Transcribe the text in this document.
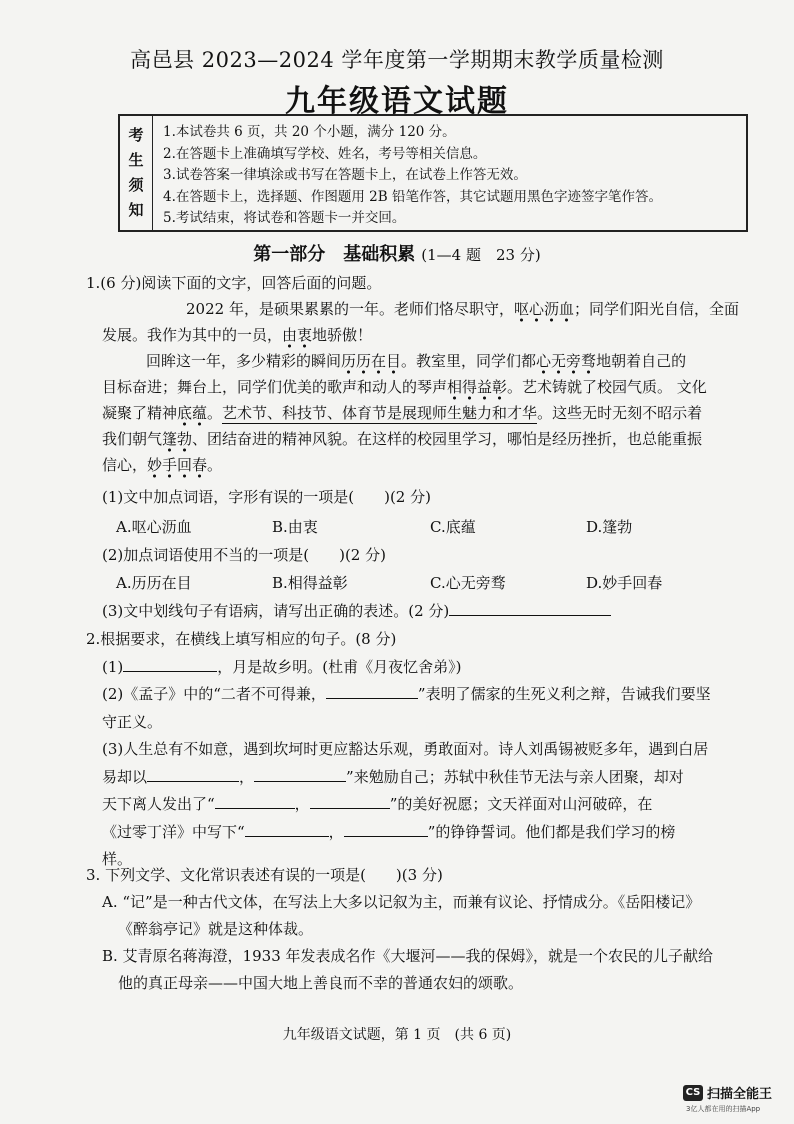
高邑县 2023—2024 学年度第一学期期末教学质量检测
九年级语文试题
考
生
须
知
1.本试卷共 6 页，共 20 个小题，满分 120 分。
2.在答题卡上准确填写学校、姓名，考号等相关信息。
3.试卷答案一律填涂或书写在答题卡上，在试卷上作答无效。
4.在答题卡上，选择题、作图题用 2B 铅笔作答，其它试题用黑色字迹签字笔作答。
5.考试结束，将试卷和答题卡一并交回。
第一部分　基础积累 (1—4 题　23 分)
1.(6 分)阅读下面的文字，回答后面的问题。
2022 年，是硕果累累的一年。老师们恪尽职守，呕心沥血；同学们阳光自信，全面
发展。我作为其中的一员，由衷地骄傲！
回眸这一年，多少精彩的瞬间历历在目。教室里，同学们都心无旁骛地朝着自己的
目标奋进；舞台上，同学们优美的歌声和动人的琴声相得益彰。艺术铸就了校园气质。 文化
凝聚了精神底蕴。艺术节、科技节、体育节是展现师生魅力和才华。这些无时无刻不昭示着
我们朝气篷勃、团结奋进的精神风貌。在这样的校园里学习，哪怕是经历挫折，也总能重振
信心，妙手回春。
(1)文中加点词语，字形有误的一项是(　　)(2 分)
A.呕心沥血	B.由衷	C.底蕴	D.篷勃
(2)加点词语使用不当的一项是(　　)(2 分)
A.历历在目	B.相得益彰	C.心无旁骛	D.妙手回春
(3)文中划线句子有语病，请写出正确的表述。(2 分)
2.根据要求，在横线上填写相应的句子。(8 分)
(1)	，月是故乡明。(杜甫《月夜忆舍弟》)
(2)《孟子》中的“二者不可得兼，	”表明了儒家的生死义利之辩，告诫我们要坚
守正义。
(3)人生总有不如意，遇到坎坷时更应豁达乐观，勇敢面对。诗人刘禹锡被贬多年，遇到白居
易却以	，	”来勉励自己；苏轼中秋佳节无法与亲人团聚，却对
天下离人发出了“	，	”的美好祝愿；文天祥面对山河破碎，在
《过零丁洋》中写下“	，	”的铮铮誓词。他们都是我们学习的榜
样。
3. 下列文学、文化常识表述有误的一项是(　　)(3 分)
A. “记”是一种古代文体，在写法上大多以记叙为主，而兼有议论、抒情成分。《岳阳楼记》
《醉翁亭记》就是这种体裁。
B. 艾青原名蒋海澄，1933 年发表成名作《大堰河——我的保姆》，就是一个农民的儿子献给
他的真正母亲——中国大地上善良而不幸的普通农妇的颂歌。
九年级语文试题，第 1 页　(共 6 页)
CS 扫描全能王
3亿人都在用的扫描App
